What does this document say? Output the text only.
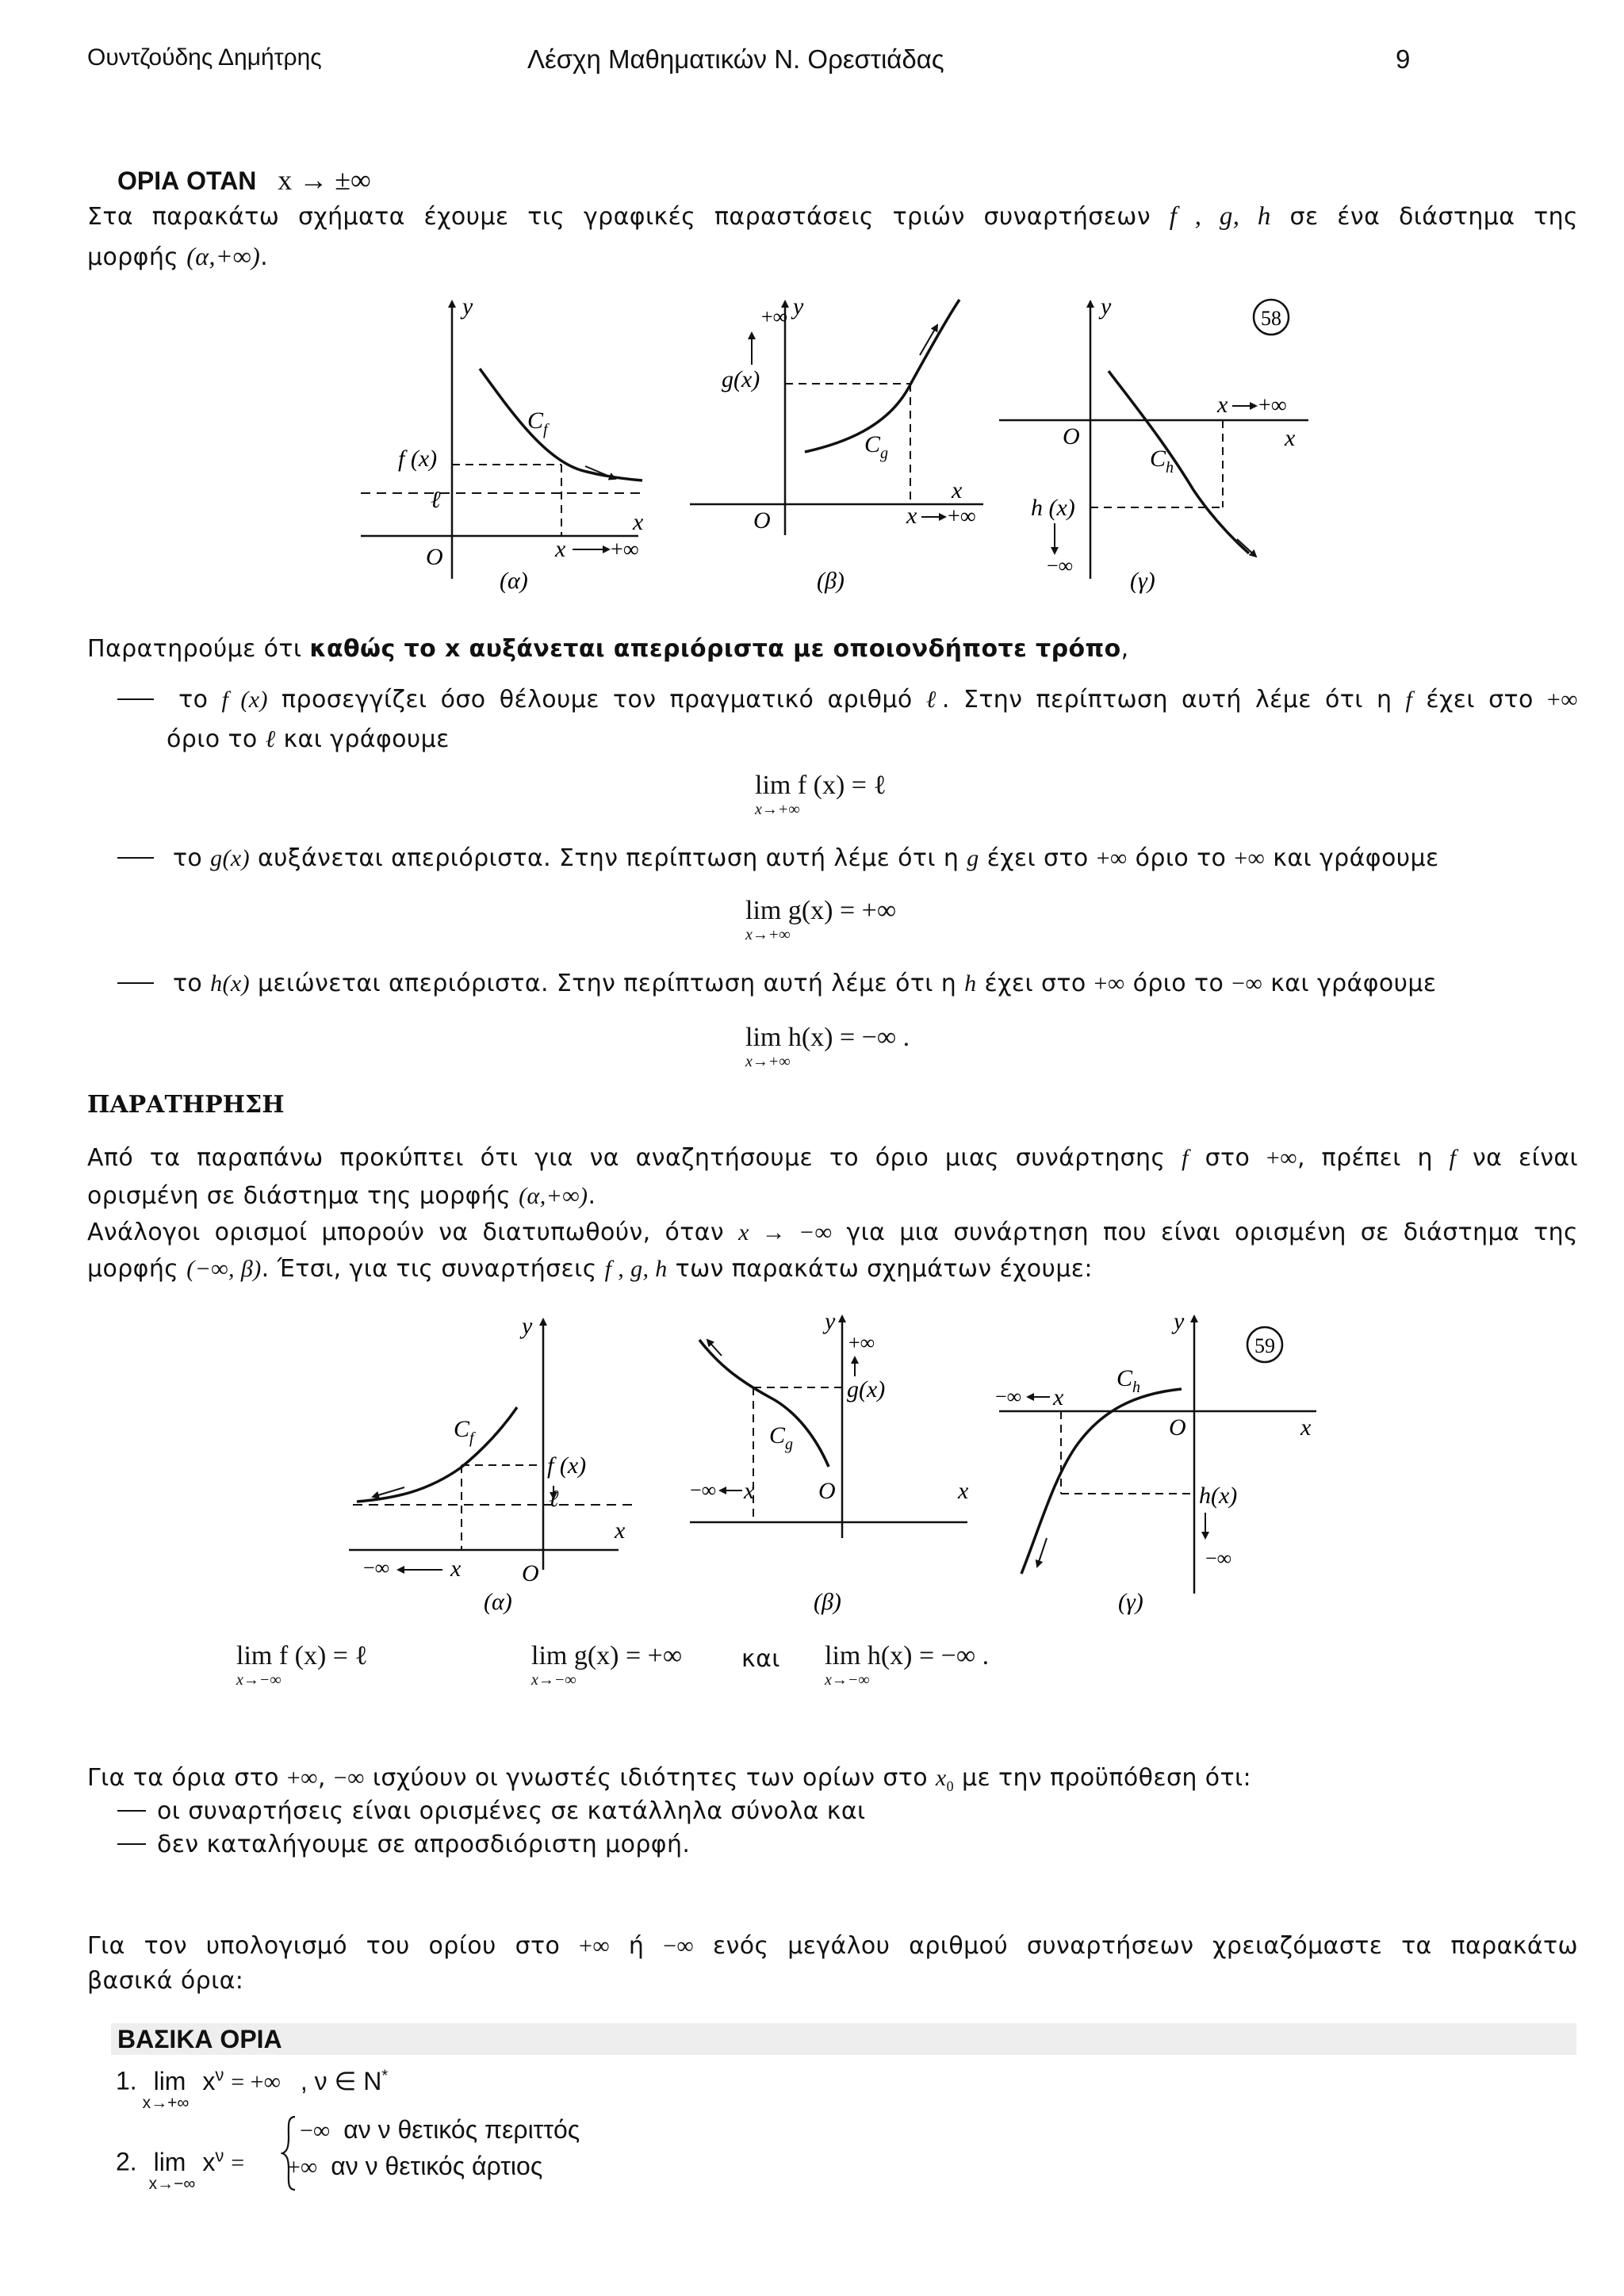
Ουντζούδης Δημήτρης	Λέσχη Μαθηματικών Ν. Ορεστιάδας	9
ΟΡΙΑ ΟΤΑΝ x → ±∞
Στα παρακάτω σχήματα έχουμε τις γραφικές παραστάσεις τριών συναρτήσεων f , g, h σε ένα διάστημα της
μορφής (α,+∞).
y
$C_f$
f (x)
ℓ
x
O	x +∞
(α)
+∞ y
$C_g$
g(x)
x
O	x +∞
(β)
y	58
$C_h$
x +∞
O	x
h (x)
−∞
(γ)
Παρατηρούμε ότι καθώς το x αυξάνεται απεριόριστα με οποιονδήποτε τρόπο,
το f (x) προσεγγίζει όσο θέλουμε τον πραγματικό αριθμό ℓ. Στην περίπτωση αυτή λέμε ότι η f έχει στο +∞
όριο το ℓ και γράφουμε
lim f (x) = ℓ
x→+∞
το g(x) αυξάνεται απεριόριστα. Στην περίπτωση αυτή λέμε ότι η g έχει στο +∞ όριο το +∞ και γράφουμε
lim g(x) = +∞
x→+∞
το h(x) μειώνεται απεριόριστα. Στην περίπτωση αυτή λέμε ότι η h έχει στο +∞ όριο το −∞ και γράφουμε
lim h(x) = −∞ .
x→+∞
ΠΑΡΑΤΗΡΗΣΗ
Από τα παραπάνω προκύπτει ότι για να αναζητήσουμε το όριο μιας συνάρτησης f στο +∞, πρέπει η f να είναι
ορισμένη σε διάστημα της μορφής (α,+∞).
Ανάλογοι ορισμοί μπορούν να διατυπωθούν, όταν x → −∞ για μια συνάρτηση που είναι ορισμένη σε διάστημα της
μορφής (−∞, β). Έτσι, για τις συναρτήσεις f , g, h των παρακάτω σχημάτων έχουμε:
y
$C_f$
f (x)
ℓ
x
−∞	x	O
(α)
y
+∞
g(x)
$C_g$
−∞ x	O	x
(β)
y
59
$C_h$
−∞ x
O	x
h(x)
−∞
(γ)
lim f (x) = ℓ
x→−∞
lim g(x) = +∞
x→−∞
και lim h(x) = −∞ .
x→−∞
Για τα όρια στο +∞, −∞ ισχύουν οι γνωστές ιδιότητες των ορίων στο $x_0$ με την προϋπόθεση ότι:
οι συναρτήσεις είναι ορισμένες σε κατάλληλα σύνολα και
δεν καταλήγουμε σε απροσδιόριστη μορφή.
Για τον υπολογισμό του ορίου στο +∞ ή −∞ ενός μεγάλου αριθμού συναρτήσεων χρειαζόμαστε τα παρακάτω
βασικά όρια:
ΒΑΣΙΚΑ ΟΡΙΑ
1. lim
x→+∞
$x^\nu$ = +∞ , ν ∈ N*
2. lim
x→−∞
$x^\nu$ =
−∞ αν ν θετικός περιττός
+∞ αν ν θετικός άρτιος
